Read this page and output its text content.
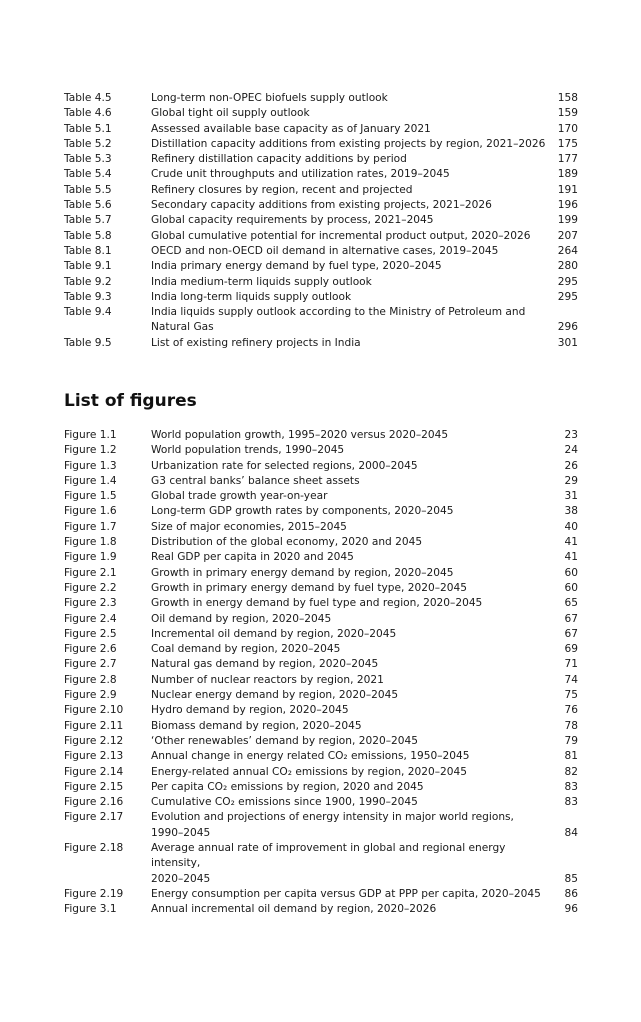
Table 4.5	Long-term non-OPEC biofuels supply outlook	158
Table 4.6	Global tight oil supply outlook	159
Table 5.1	Assessed available base capacity as of January 2021	170
Table 5.2	Distillation capacity additions from existing projects by region, 2021–2026	175
Table 5.3	Refinery distillation capacity additions by period	177
Table 5.4	Crude unit throughputs and utilization rates, 2019–2045	189
Table 5.5	Refinery closures by region, recent and projected	191
Table 5.6	Secondary capacity additions from existing projects, 2021–2026	196
Table 5.7	Global capacity requirements by process, 2021–2045	199
Table 5.8	Global cumulative potential for incremental product output, 2020–2026	207
Table 8.1	OECD and non-OECD oil demand in alternative cases, 2019–2045	264
Table 9.1	India primary energy demand by fuel type, 2020–2045	280
Table 9.2	India medium-term liquids supply outlook	295
Table 9.3	India long-term liquids supply outlook	295
Table 9.4	India liquids supply outlook according to the Ministry of Petroleum and
Natural Gas	296
Table 9.5	List of existing refinery projects in India	301
List of figures
Figure 1.1	World population growth, 1995–2020 versus 2020–2045	23
Figure 1.2	World population trends, 1990–2045	24
Figure 1.3	Urbanization rate for selected regions, 2000–2045	26
Figure 1.4	G3 central banks’ balance sheet assets	29
Figure 1.5	Global trade growth year-on-year	31
Figure 1.6	Long-term GDP growth rates by components, 2020–2045	38
Figure 1.7	Size of major economies, 2015–2045	40
Figure 1.8	Distribution of the global economy, 2020 and 2045	41
Figure 1.9	Real GDP per capita in 2020 and 2045	41
Figure 2.1	Growth in primary energy demand by region, 2020–2045	60
Figure 2.2	Growth in primary energy demand by fuel type, 2020–2045	60
Figure 2.3	Growth in energy demand by fuel type and region, 2020–2045	65
Figure 2.4	Oil demand by region, 2020–2045	67
Figure 2.5	Incremental oil demand by region, 2020–2045	67
Figure 2.6	Coal demand by region, 2020–2045	69
Figure 2.7	Natural gas demand by region, 2020–2045	71
Figure 2.8	Number of nuclear reactors by region, 2021	74
Figure 2.9	Nuclear energy demand by region, 2020–2045	75
Figure 2.10	Hydro demand by region, 2020–2045	76
Figure 2.11	Biomass demand by region, 2020–2045	78
Figure 2.12	‘Other renewables’ demand by region, 2020–2045	79
Figure 2.13	Annual change in energy related CO₂ emissions, 1950–2045	81
Figure 2.14	Energy-related annual CO₂ emissions by region, 2020–2045	82
Figure 2.15	Per capita CO₂ emissions by region, 2020 and 2045	83
Figure 2.16	Cumulative CO₂ emissions since 1900, 1990–2045	83
Figure 2.17	Evolution and projections of energy intensity in major world regions,
1990–2045	84
Figure 2.18	Average annual rate of improvement in global and regional energy intensity,
2020–2045	85
Figure 2.19	Energy consumption per capita versus GDP at PPP per capita, 2020–2045	86
Figure 3.1	Annual incremental oil demand by region, 2020–2026	96
